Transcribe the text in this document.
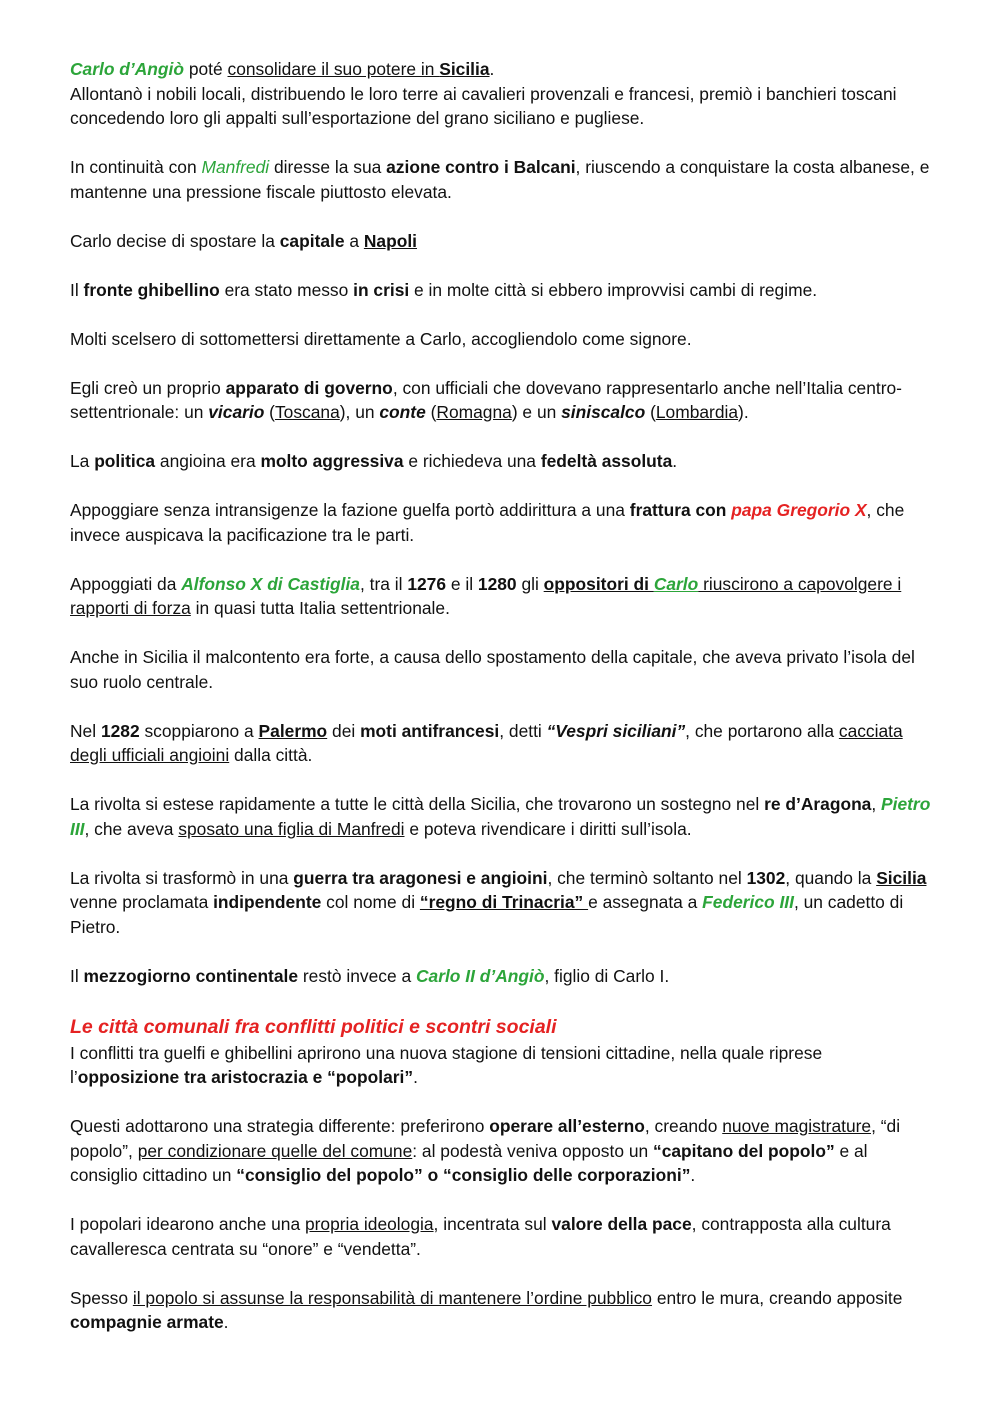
Carlo d’Angiò poté consolidare il suo potere in Sicilia.

Allontanò i nobili locali, distribuendo le loro terre ai cavalieri provenzali e francesi, premiò i banchieri toscani concedendo loro gli appalti sull’esportazione del grano siciliano e pugliese.

In continuità con Manfredi diresse la sua azione contro i Balcani, riuscendo a conquistare la costa albanese, e mantenne una pressione fiscale piuttosto elevata.

Carlo decise di spostare la capitale a Napoli

Il fronte ghibellino era stato messo in crisi e in molte città si ebbero improvvisi cambi di regime.

Molti scelsero di sottomettersi direttamente a Carlo, accogliendolo come signore.

Egli creò un proprio apparato di governo, con ufficiali che dovevano rappresentarlo anche nell’Italia centro- settentrionale: un vicario (Toscana), un conte (Romagna) e un siniscalco (Lombardia).

La politica angioina era molto aggressiva e richiedeva una fedeltà assoluta.

Appoggiare senza intransigenze la fazione guelfa portò addirittura a una frattura con papa Gregorio X, che invece auspicava la pacificazione tra le parti.

Appoggiati da Alfonso X di Castiglia, tra il 1276 e il 1280 gli oppositori di Carlo riuscirono a capovolgere i rapporti di forza in quasi tutta Italia settentrionale.

Anche in Sicilia il malcontento era forte, a causa dello spostamento della capitale, che aveva privato l’isola del suo ruolo centrale.

Nel 1282 scoppiarono a Palermo dei moti antifrancesi, detti “Vespri siciliani”, che portarono alla cacciata degli ufficiali angioini dalla città.

La rivolta si estese rapidamente a tutte le città della Sicilia, che trovarono un sostegno nel re d’Aragona, Pietro III, che aveva sposato una figlia di Manfredi e poteva rivendicare i diritti sull’isola.

La rivolta si trasformò in una guerra tra aragonesi e angioini, che terminò soltanto nel 1302, quando la Sicilia venne proclamata indipendente col nome di “regno di Trinacria” e assegnata a Federico III, un cadetto di Pietro.

Il mezzogiorno continentale restò invece a Carlo II d’Angiò, figlio di Carlo I.

Le città comunali fra conflitti politici e scontri sociali

I conflitti tra guelfi e ghibellini aprirono una nuova stagione di tensioni cittadine, nella quale riprese l’opposizione tra aristocrazia e “popolari”.

Questi adottarono una strategia differente: preferirono operare all’esterno, creando nuove magistrature, “di popolo”, per condizionare quelle del comune: al podestà veniva opposto un “capitano del popolo” e al consiglio cittadino un “consiglio del popolo” o “consiglio delle corporazioni”.

I popolari idearono anche una propria ideologia, incentrata sul valore della pace, contrapposta alla cultura cavalleresca centrata su “onore” e “vendetta”.

Spesso il popolo si assunse la responsabilità di mantenere l’ordine pubblico entro le mura, creando apposite compagnie armate.
